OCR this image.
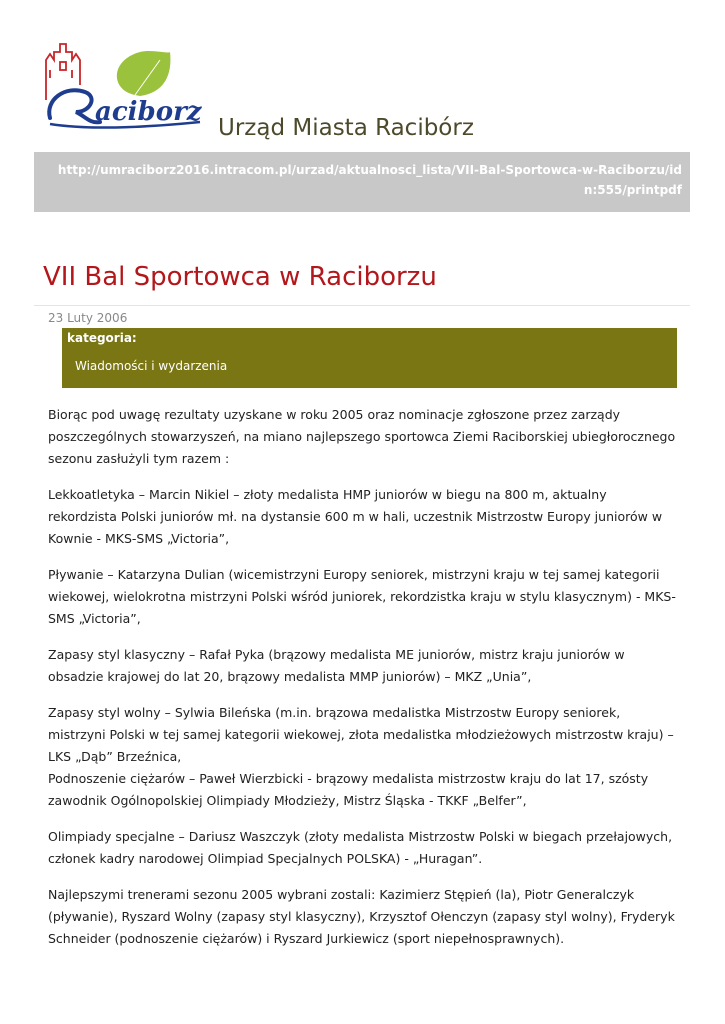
aciborz
Urząd Miasta Racibórz
http://umraciborz2016.intracom.pl/urzad/aktualnosci_lista/VII-Bal-Sportowca-w-Raciborzu/id n:555/printpdf
VII Bal Sportowca w Raciborzu
23 Luty 2006
kategoria:
Wiadomości i wydarzenia

Biorąc pod uwagę rezultaty uzyskane w roku 2005 oraz nominacje zgłoszone przez zarządy poszczególnych stowarzyszeń, na miano najlepszego sportowca Ziemi Raciborskiej ubiegłorocznego sezonu zasłużyli tym razem :

Lekkoatletyka – Marcin Nikiel – złoty medalista HMP juniorów w biegu na 800 m, aktualny rekordzista Polski juniorów mł. na dystansie 600 m w hali, uczestnik Mistrzostw Europy juniorów w Kownie - MKS-SMS „Victoria”,

Pływanie – Katarzyna Dulian (wicemistrzyni Europy seniorek, mistrzyni kraju w tej samej kategorii wiekowej, wielokrotna mistrzyni Polski wśród juniorek, rekordzistka kraju w stylu klasycznym) - MKS-SMS „Victoria”,

Zapasy styl klasyczny – Rafał Pyka (brązowy medalista ME juniorów, mistrz kraju juniorów w obsadzie krajowej do lat 20, brązowy medalista MMP juniorów) – MKZ „Unia”,

Zapasy styl wolny – Sylwia Bileńska (m.in. brązowa medalistka Mistrzostw Europy seniorek, mistrzyni Polski w tej samej kategorii wiekowej, złota medalistka młodzieżowych mistrzostw kraju) – LKS „Dąb” Brzeźnica,
Podnoszenie ciężarów – Paweł Wierzbicki - brązowy medalista mistrzostw kraju do lat 17, szósty zawodnik Ogólnopolskiej Olimpiady Młodzieży, Mistrz Śląska - TKKF „Belfer”,

Olimpiady specjalne – Dariusz Waszczyk (złoty medalista Mistrzostw Polski w biegach przełajowych, członek kadry narodowej Olimpiad Specjalnych POLSKA) - „Huragan”.

Najlepszymi trenerami sezonu 2005 wybrani zostali: Kazimierz Stępień (la), Piotr Generalczyk (pływanie), Ryszard Wolny (zapasy styl klasyczny), Krzysztof Ołenczyn (zapasy styl wolny), Fryderyk Schneider (podnoszenie ciężarów) i Ryszard Jurkiewicz (sport niepełnosprawnych).
